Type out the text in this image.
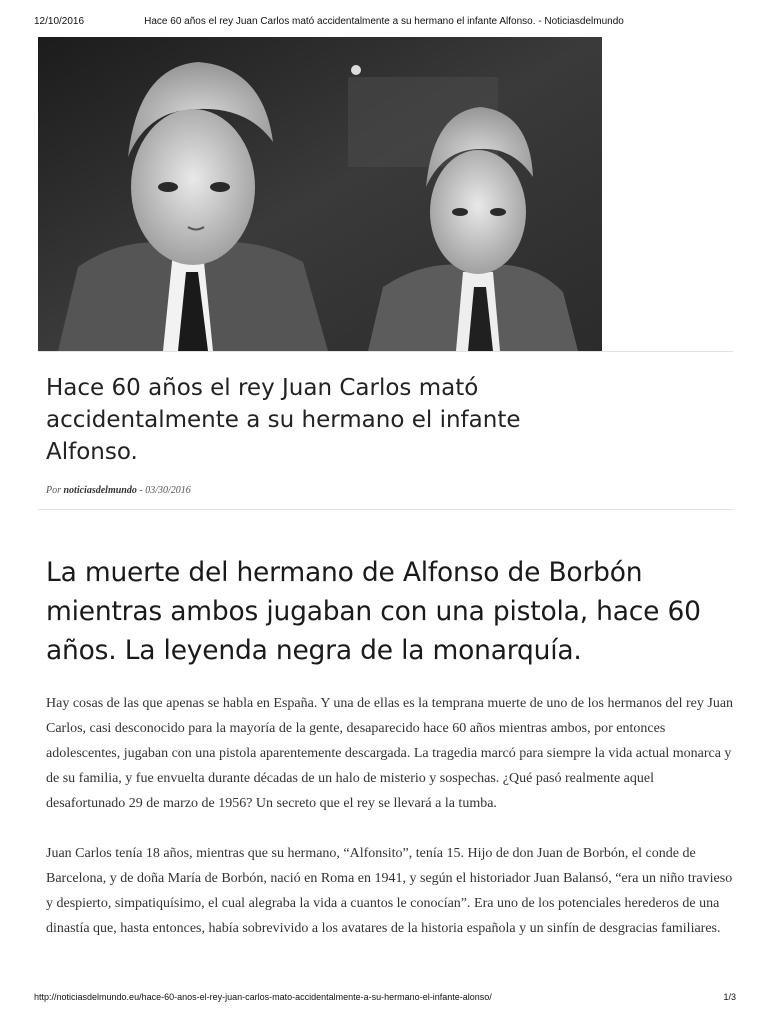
12/10/2016	Hace 60 años el rey Juan Carlos mató accidentalmente a su hermano el infante Alfonso. - Noticiasdelmundo
Hace 60 años el rey Juan Carlos mató accidentalmente a su hermano el infante Alfonso.
Por noticiasdelmundo - 03/30/2016
La muerte del hermano de Alfonso de Borbón mientras ambos jugaban con una pistola, hace 60 años. La leyenda negra de la monarquía.

Hay cosas de las que apenas se habla en España. Y una de ellas es la temprana muerte de uno de los hermanos del rey Juan Carlos, casi desconocido para la mayoría de la gente, desaparecido hace 60 años mientras ambos, por entonces adolescentes, jugaban con una pistola aparentemente descargada. La tragedia marcó para siempre la vida actual monarca y de su familia, y fue envuelta durante décadas de un halo de misterio y sospechas. ¿Qué pasó realmente aquel desafortunado 29 de marzo de 1956? Un secreto que el rey se llevará a la tumba.

Juan Carlos tenía 18 años, mientras que su hermano, “Alfonsito”, tenía 15. Hijo de don Juan de Borbón, el conde de Barcelona, y de doña María de Borbón, nació en Roma en 1941, y según el historiador Juan Balansó, “era un niño travieso y despierto, simpatiquísimo, el cual alegraba la vida a cuantos le conocían”. Era uno de los potenciales herederos de una dinastía que, hasta entonces, había sobrevivido a los avatares de la historia española y un sinfín de desgracias familiares.

http://noticiasdelmundo.eu/hace-60-anos-el-rey-juan-carlos-mato-accidentalmente-a-su-hermano-el-infante-alonso/	1/3
